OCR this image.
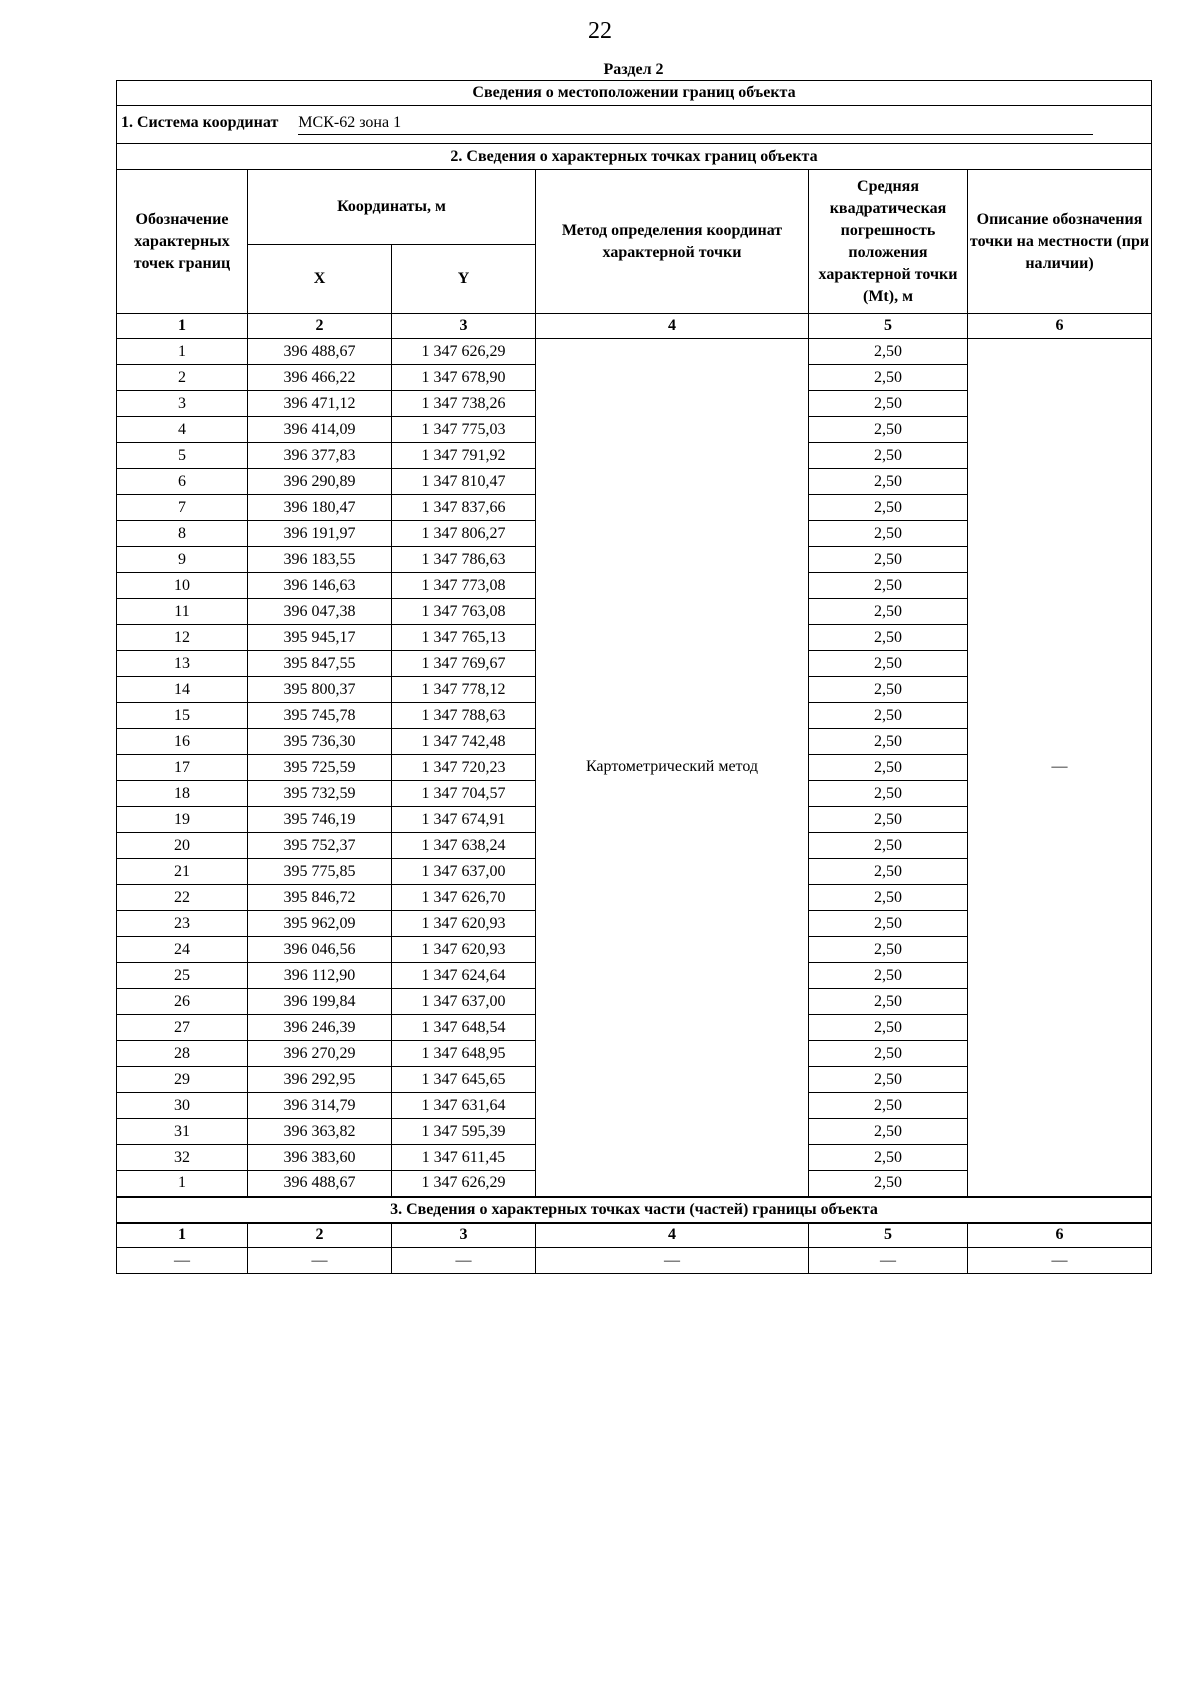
22
Раздел 2
Сведения о местоположении границ объекта					
1. Система координат МСК-62 зона 1					
2. Сведения о характерных точках границ объекта					
Обозначение характерных точек границ	Координаты, м		Метод определения координат характерной точки	Средняя квадратическая погрешность положения характерной точки (Mt), м	Описание обозначения точки на местности (при наличии)
	X	Y			
1	2	3	4	5	6
1	396 488,67	1 347 626,29	Картометрический метод	2,50	—
2	396 466,22	1 347 678,90		2,50	
3	396 471,12	1 347 738,26		2,50	
4	396 414,09	1 347 775,03		2,50	
5	396 377,83	1 347 791,92		2,50	
6	396 290,89	1 347 810,47		2,50	
7	396 180,47	1 347 837,66		2,50	
8	396 191,97	1 347 806,27		2,50	
9	396 183,55	1 347 786,63		2,50	
10	396 146,63	1 347 773,08		2,50	
11	396 047,38	1 347 763,08		2,50	
12	395 945,17	1 347 765,13		2,50	
13	395 847,55	1 347 769,67		2,50	
14	395 800,37	1 347 778,12		2,50	
15	395 745,78	1 347 788,63		2,50	
16	395 736,30	1 347 742,48		2,50	
17	395 725,59	1 347 720,23		2,50	
18	395 732,59	1 347 704,57		2,50	
19	395 746,19	1 347 674,91		2,50	
20	395 752,37	1 347 638,24		2,50	
21	395 775,85	1 347 637,00		2,50	
22	395 846,72	1 347 626,70		2,50	
23	395 962,09	1 347 620,93		2,50	
24	396 046,56	1 347 620,93		2,50	
25	396 112,90	1 347 624,64		2,50	
26	396 199,84	1 347 637,00		2,50	
27	396 246,39	1 347 648,54		2,50	
28	396 270,29	1 347 648,95		2,50	
29	396 292,95	1 347 645,65		2,50	
30	396 314,79	1 347 631,64		2,50	
31	396 363,82	1 347 595,39		2,50	
32	396 383,60	1 347 611,45		2,50	
1	396 488,67	1 347 626,29		2,50	
3. Сведения о характерных точках части (частей) границы объекта					
1	2	3	4	5	6
—	—	—	—	—	—
